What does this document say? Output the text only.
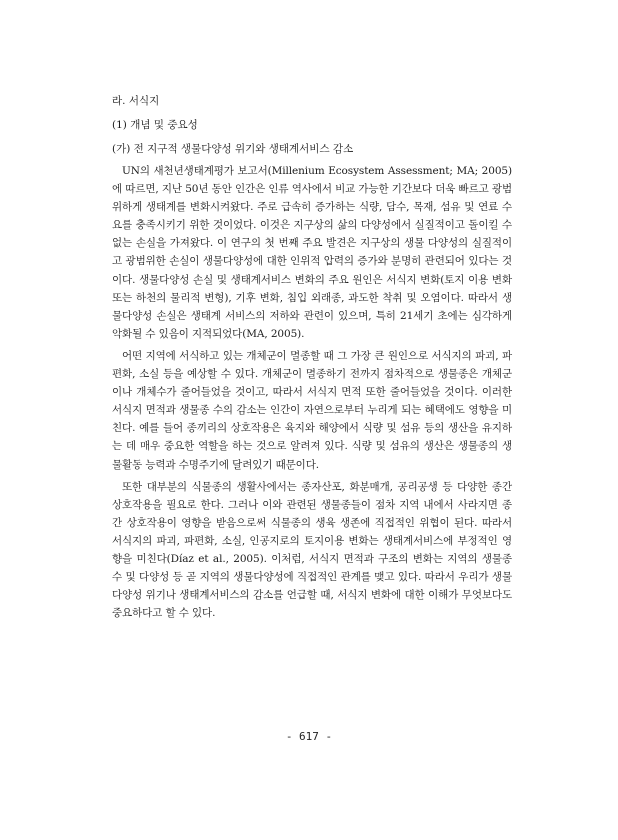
라. 서식지
(1) 개념 및 중요성
(가) 전 지구적 생물다양성 위기와 생태계서비스 감소

UN의 새천년생태계평가 보고서(Millenium Ecosystem Assessment; MA; 2005)에 따르면, 지난 50년 동안 인간은 인류 역사에서 비교 가능한 기간보다 더욱 빠르고 광범위하게 생태계를 변화시켜왔다. 주로 급속히 증가하는 식량, 담수, 목재, 섬유 및 연료 수요를 충족시키기 위한 것이었다. 이것은 지구상의 삶의 다양성에서 실질적이고 돌이킬 수없는 손실을 가져왔다. 이 연구의 첫 번째 주요 발견은 지구상의 생물 다양성의 실질적이고 광범위한 손실이 생물다양성에 대한 인위적 압력의 증가와 분명히 관련되어 있다는 것이다. 생물다양성 손실 및 생태계서비스 변화의 주요 원인은 서식지 변화(토지 이용 변화 또는 하천의 물리적 변형), 기후 변화, 침입 외래종, 과도한 착취 및 오염이다. 따라서 생물다양성 손실은 생태계 서비스의 저하와 관련이 있으며, 특히 21세기 초에는 심각하게 악화될 수 있음이 지적되었다(MA, 2005).

어떤 지역에 서식하고 있는 개체군이 멸종할 때 그 가장 큰 원인으로 서식지의 파괴, 파편화, 소실 등을 예상할 수 있다. 개체군이 멸종하기 전까지 점차적으로 생물종은 개체군이나 개체수가 줄어들었을 것이고, 따라서 서식지 면적 또한 줄어들었을 것이다. 이러한 서식지 면적과 생물종 수의 감소는 인간이 자연으로부터 누리게 되는 혜택에도 영향을 미친다. 예를 들어 종끼리의 상호작용은 육지와 해양에서 식량 및 섬유 등의 생산을 유지하는 데 매우 중요한 역할을 하는 것으로 알려져 있다. 식량 및 섬유의 생산은 생물종의 생물활동 능력과 수명주기에 달려있기 때문이다.

또한 대부분의 식물종의 생활사에서는 종자산포, 화분매개, 공리공생 등 다양한 종간 상호작용을 필요로 한다. 그러나 이와 관련된 생물종들이 점차 지역 내에서 사라지면 종간 상호작용이 영향을 받음으로써 식물종의 생육 생존에 직접적인 위협이 된다. 따라서 서식지의 파괴, 파편화, 소실, 인공지로의 토지이용 변화는 생태계서비스에 부정적인 영향을 미친다(Díaz et al., 2005). 이처럼, 서식지 면적과 구조의 변화는 지역의 생물종 수 및 다양성 등 곧 지역의 생물다양성에 직접적인 관계를 맺고 있다. 따라서 우리가 생물다양성 위기나 생태계서비스의 감소를 언급할 때, 서식지 변화에 대한 이해가 무엇보다도 중요하다고 할 수 있다.

- 617 -
